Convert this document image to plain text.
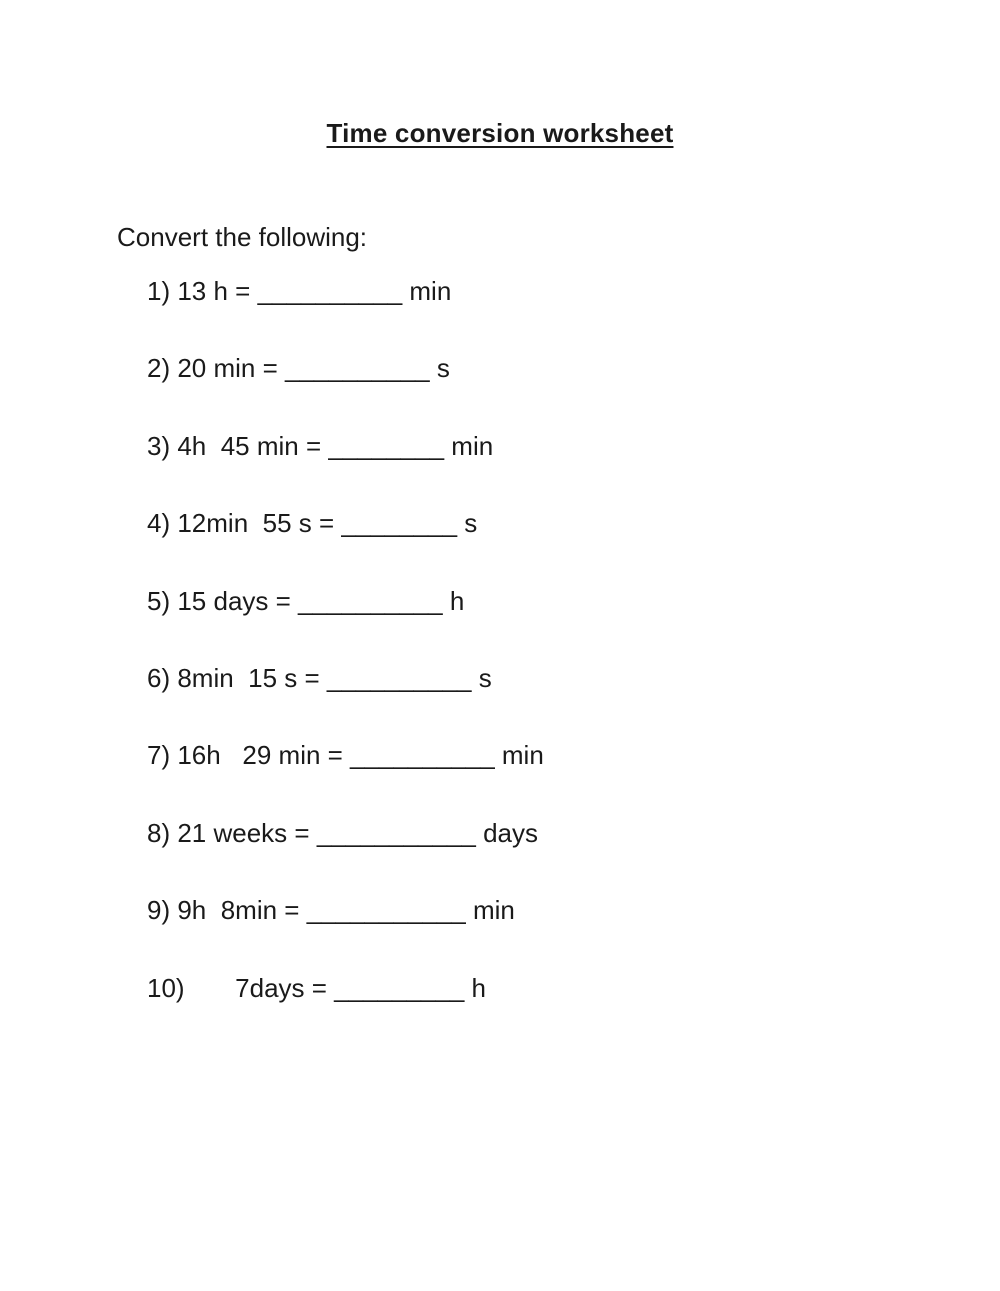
Time conversion worksheet
Convert the following:
1) 13 h = __________ min
2) 20 min = __________ s
3) 4h  45 min = ________ min
4) 12min  55 s = ________ s
5) 15 days = __________ h
6) 8min  15 s = __________ s
7) 16h   29 min = __________ min
8) 21 weeks = ___________ days
9) 9h  8min = ___________ min
10)       7days = _________ h
